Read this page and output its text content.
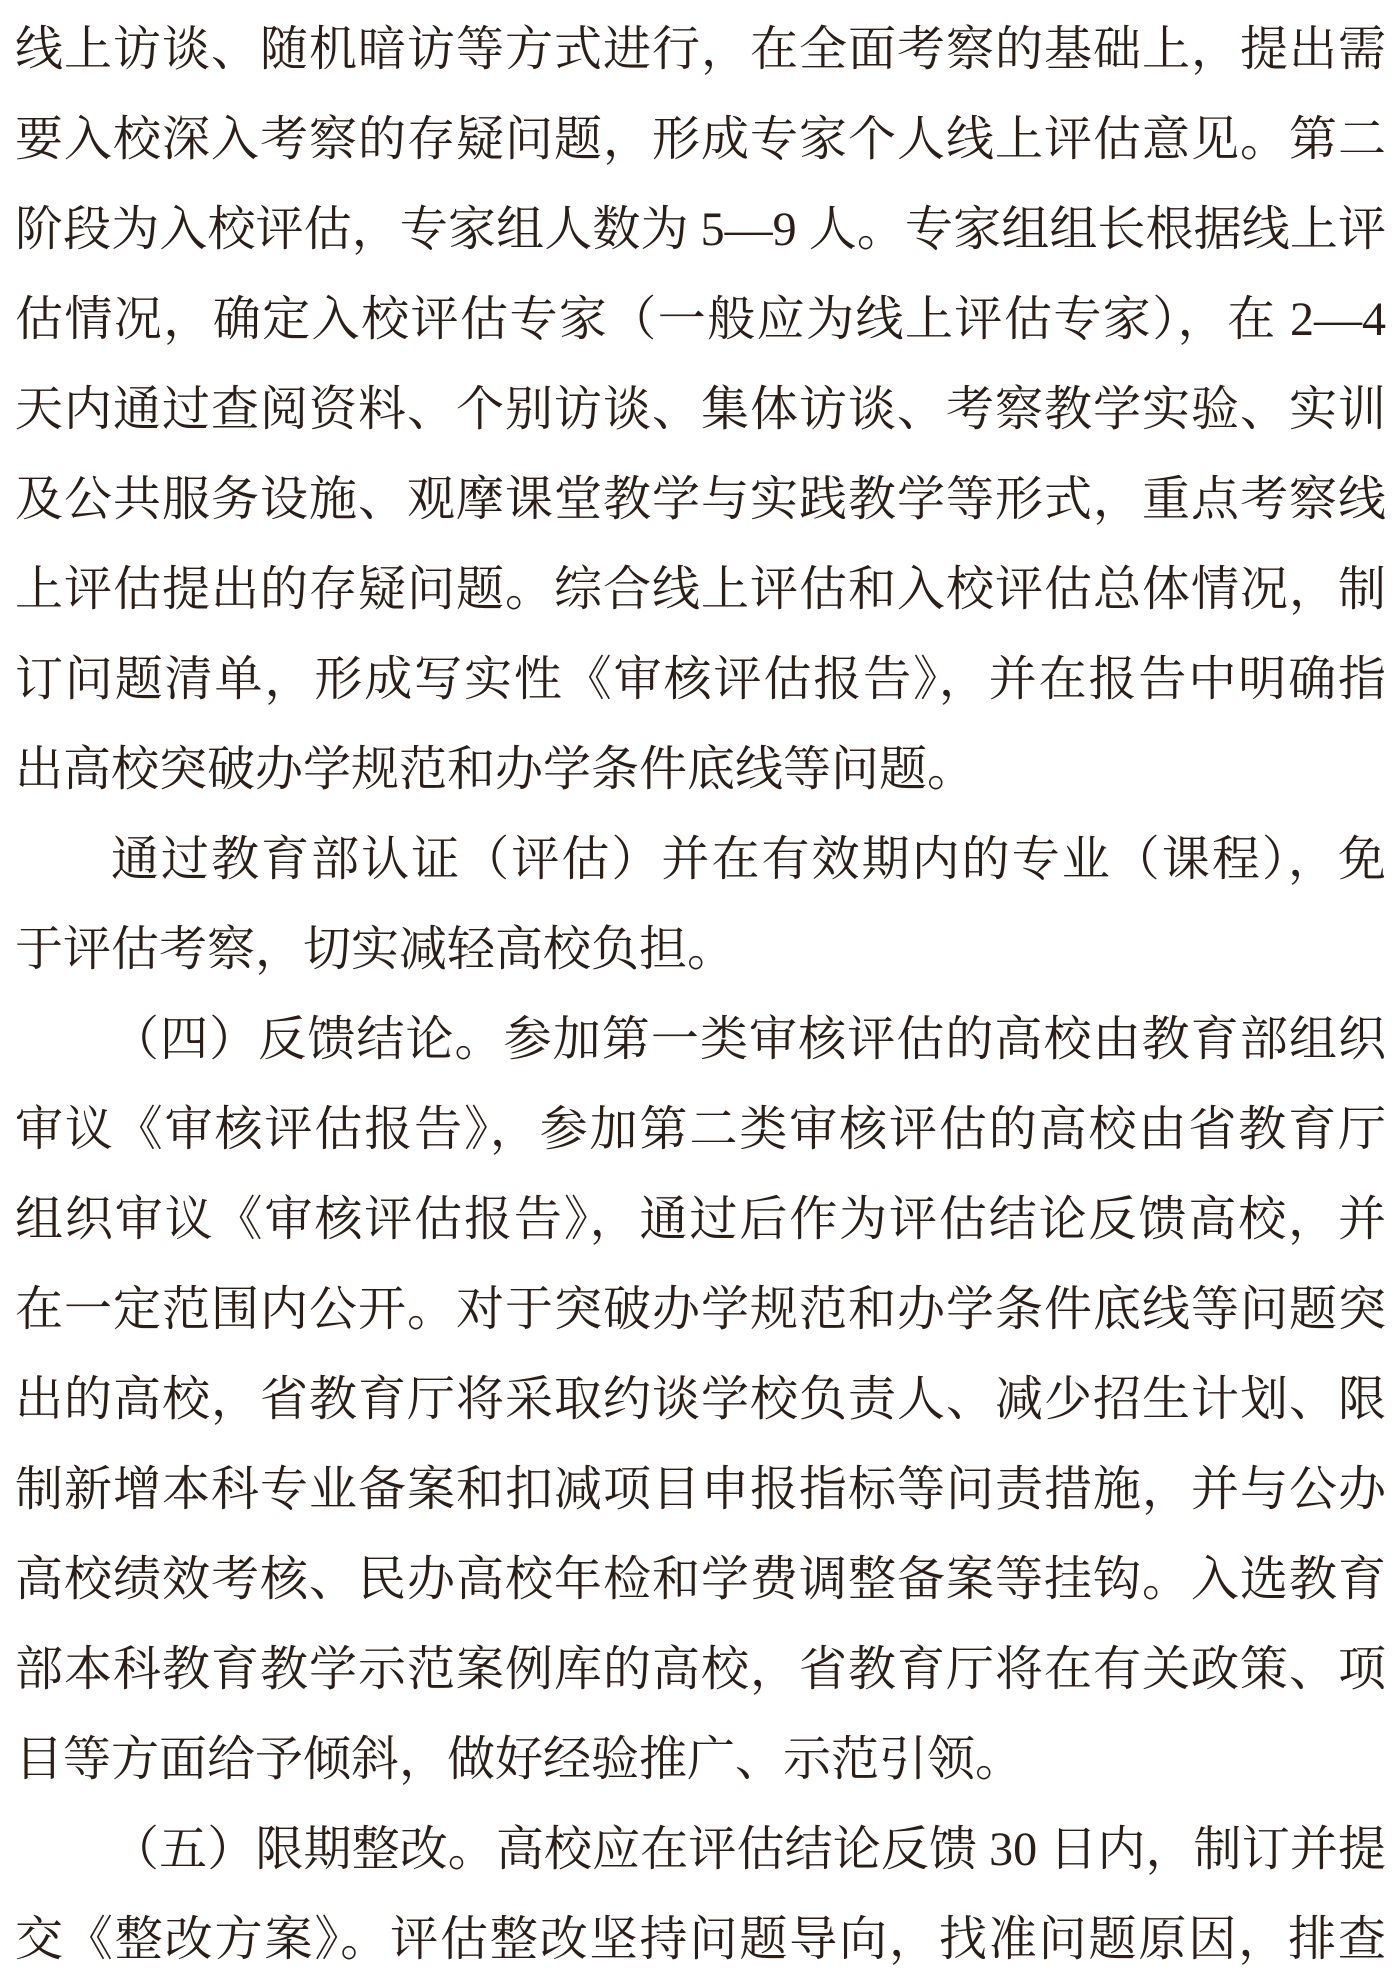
线上访谈、随机暗访等方式进行，在全面考察的基础上，提出需
要入校深入考察的存疑问题，形成专家个人线上评估意见。第二
阶段为入校评估，专家组人数为 5—9 人。专家组组长根据线上评
估情况，确定入校评估专家（一般应为线上评估专家），在 2—4
天内通过查阅资料、个别访谈、集体访谈、考察教学实验、实训
及公共服务设施、观摩课堂教学与实践教学等形式，重点考察线
上评估提出的存疑问题。综合线上评估和入校评估总体情况，制
订问题清单，形成写实性《审核评估报告》，并在报告中明确指
出高校突破办学规范和办学条件底线等问题。
通过教育部认证（评估）并在有效期内的专业（课程），免
于评估考察，切实减轻高校负担。
（四）反馈结论。参加第一类审核评估的高校由教育部组织
审议《审核评估报告》，参加第二类审核评估的高校由省教育厅
组织审议《审核评估报告》，通过后作为评估结论反馈高校，并
在一定范围内公开。对于突破办学规范和办学条件底线等问题突
出的高校，省教育厅将采取约谈学校负责人、减少招生计划、限
制新增本科专业备案和扣减项目申报指标等问责措施，并与公办
高校绩效考核、民办高校年检和学费调整备案等挂钩。入选教育
部本科教育教学示范案例库的高校，省教育厅将在有关政策、项
目等方面给予倾斜，做好经验推广、示范引领。
（五）限期整改。高校应在评估结论反馈 30 日内，制订并提
交《整改方案》。评估整改坚持问题导向，找准问题原因，排查
